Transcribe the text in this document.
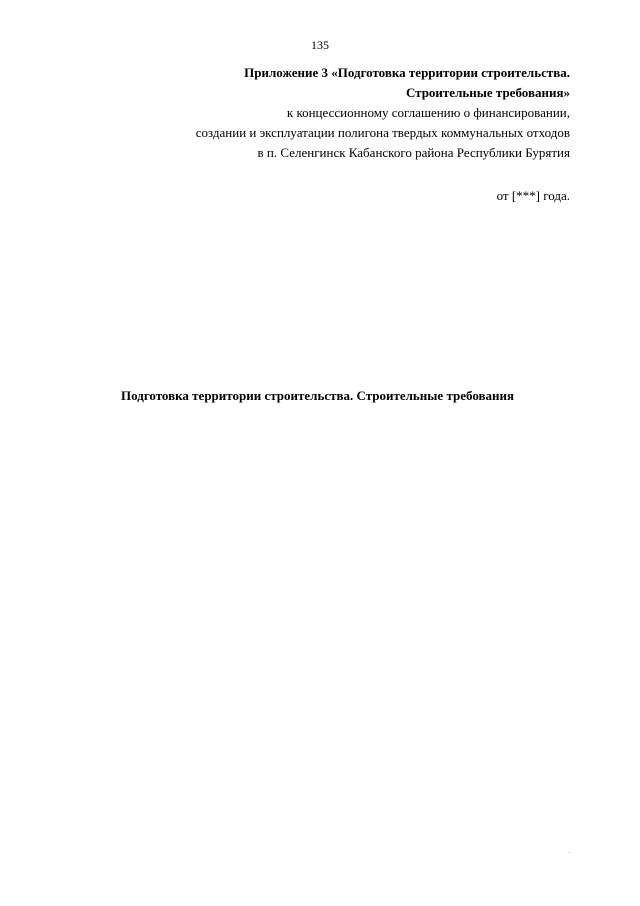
135
Приложение 3 «Подготовка территории строительства.
Строительные требования»
к концессионному соглашению о финансировании,
создании и эксплуатации полигона твердых коммунальных отходов
в п. Селенгинск Кабанского района Республики Бурятия
от [***] года.
Подготовка территории строительства. Строительные требования
